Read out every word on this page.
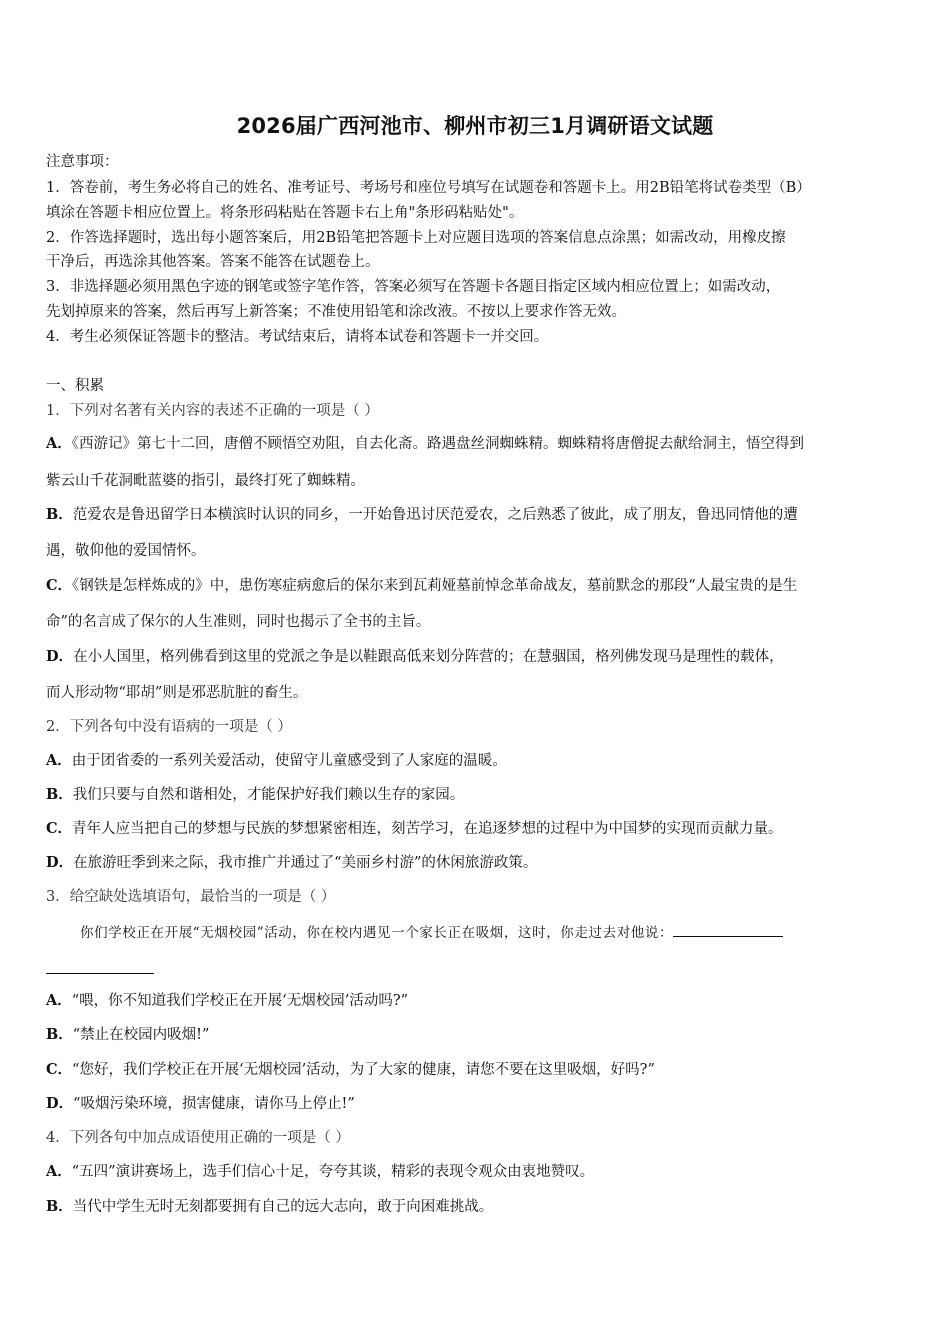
2026届广西河池市、柳州市初三1月调研语文试题
注意事项：
1．答卷前，考生务必将自己的姓名、准考证号、考场号和座位号填写在试题卷和答题卡上。用2B铅笔将试卷类型（B）
填涂在答题卡相应位置上。将条形码粘贴在答题卡右上角"条形码粘贴处"。
2．作答选择题时，选出每小题答案后，用2B铅笔把答题卡上对应题目选项的答案信息点涂黑；如需改动，用橡皮擦
干净后，再选涂其他答案。答案不能答在试题卷上。
3．非选择题必须用黑色字迹的钢笔或签字笔作答，答案必须写在答题卡各题目指定区域内相应位置上；如需改动，
先划掉原来的答案，然后再写上新答案；不准使用铅笔和涂改液。不按以上要求作答无效。
4．考生必须保证答题卡的整洁。考试结束后，请将本试卷和答题卡一并交回。
一、积累
1．下列对名著有关内容的表述不正确的一项是（ ）
A．《西游记》第七十二回，唐僧不顾悟空劝阻，自去化斋。路遇盘丝洞蜘蛛精。蜘蛛精将唐僧捉去献给洞主，悟空得到
紫云山千花洞毗蓝婆的指引，最终打死了蜘蛛精。
B．范爱农是鲁迅留学日本横滨时认识的同乡，一开始鲁迅讨厌范爱农，之后熟悉了彼此，成了朋友，鲁迅同情他的遭
遇，敬仰他的爱国情怀。
C．《钢铁是怎样炼成的》中，患伤寒症病愈后的保尔来到瓦莉娅墓前悼念革命战友，墓前默念的那段“人最宝贵的是生
命”的名言成了保尔的人生准则，同时也揭示了全书的主旨。
D．在小人国里，格列佛看到这里的党派之争是以鞋跟高低来划分阵营的；在慧骃国，格列佛发现马是理性的载体，
而人形动物“耶胡”则是邪恶肮脏的畜生。
2．下列各句中没有语病的一项是（ ）
A．由于团省委的一系列关爱活动，使留守儿童感受到了人家庭的温暖。
B．我们只要与自然和谐相处，才能保护好我们赖以生存的家园。
C．青年人应当把自己的梦想与民族的梦想紧密相连，刻苦学习，在追逐梦想的过程中为中国梦的实现而贡献力量。
D．在旅游旺季到来之际，我市推广并通过了“美丽乡村游”的休闲旅游政策。
3．给空缺处选填语句，最恰当的一项是（ ）
你们学校正在开展“无烟校园”活动，你在校内遇见一个家长正在吸烟，这时，你走过去对他说：
A．“喂，你不知道我们学校正在开展‘无烟校园’活动吗?”
B．“禁止在校园内吸烟!”
C．“您好，我们学校正在开展‘无烟校园’活动，为了大家的健康，请您不要在这里吸烟，好吗?”
D．“吸烟污染环境，损害健康，请你马上停止!”
4．下列各句中加点成语使用正确的一项是（ ）
A．“五四”演讲赛场上，选手们信心十足，夸夸其谈，精彩的表现令观众由衷地赞叹。
B．当代中学生无时无刻都要拥有自己的远大志向，敢于向困难挑战。
